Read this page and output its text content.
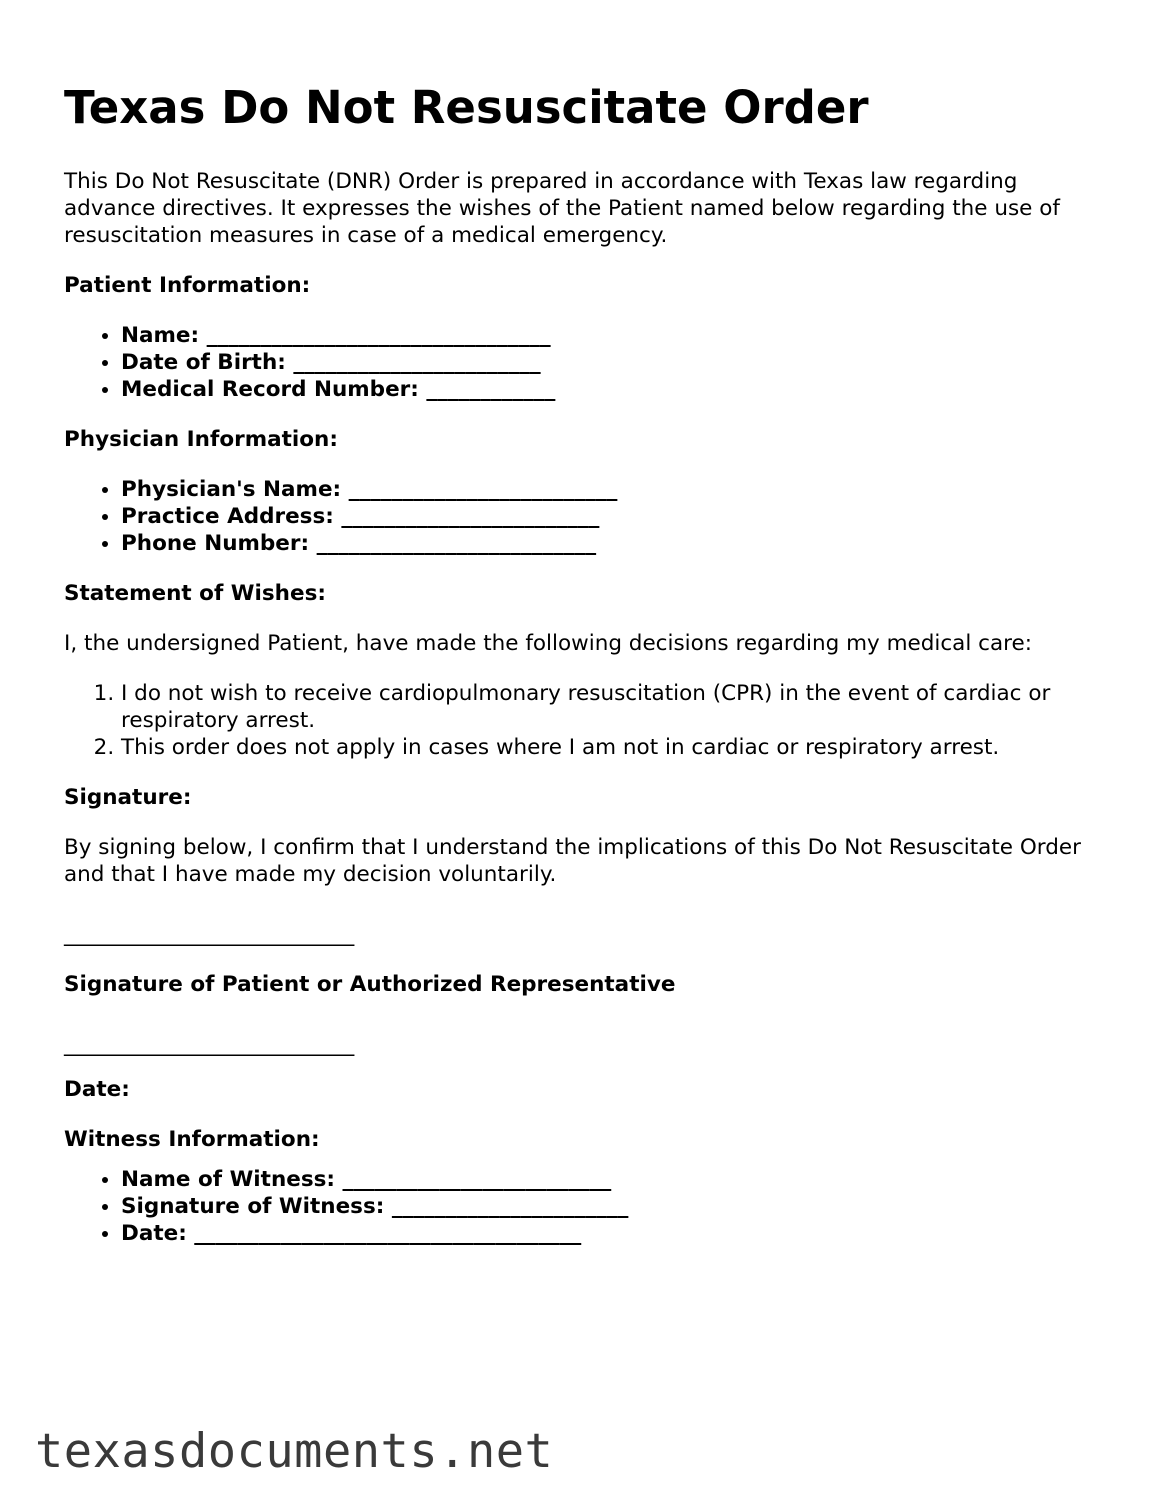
Texas Do Not Resuscitate Order

This Do Not Resuscitate (DNR) Order is prepared in accordance with Texas law regarding advance directives. It expresses the wishes of the Patient named below regarding the use of resuscitation measures in case of a medical emergency.

Patient Information:

• Name: ________________________________
• Date of Birth: _______________________
• Medical Record Number: ____________

Physician Information:

• Physician's Name: _________________________
• Practice Address: ________________________
• Phone Number: __________________________

Statement of Wishes:

I, the undersigned Patient, have made the following decisions regarding my medical care:

1. I do not wish to receive cardiopulmonary resuscitation (CPR) in the event of cardiac or respiratory arrest.
2. This order does not apply in cases where I am not in cardiac or respiratory arrest.

Signature:

By signing below, I confirm that I understand the implications of this Do Not Resuscitate Order and that I have made my decision voluntarily.

___________________________

Signature of Patient or Authorized Representative

___________________________

Date:

Witness Information:

• Name of Witness: _________________________
• Signature of Witness: ______________________
• Date: ____________________________________
texasdocuments.net
